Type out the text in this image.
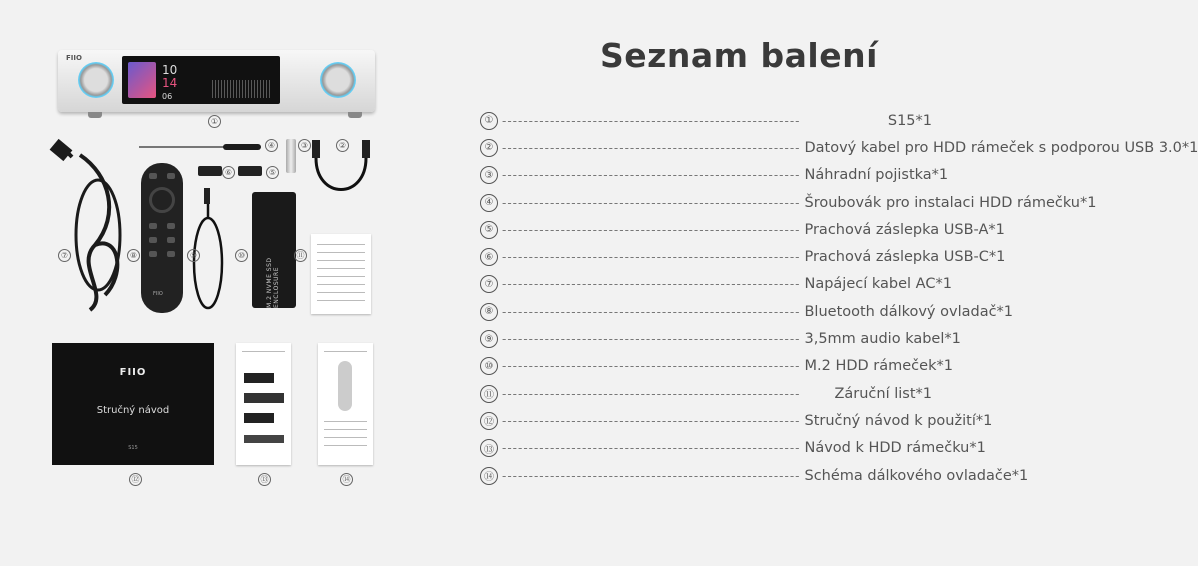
Seznam balení
① --------------------------------------------------------	S15*1
② -------------------------------------------------------- Datový kabel pro HDD rámeček s podporou USB 3.0*1
③ -------------------------------------------------------- Náhradní pojistka*1
④ -------------------------------------------------------- Šroubovák pro instalaci HDD rámečku*1
⑤ -------------------------------------------------------- Prachová záslepka USB-A*1
⑥ -------------------------------------------------------- Prachová záslepka USB-C*1
⑦ -------------------------------------------------------- Napájecí kabel AC*1
⑧ -------------------------------------------------------- Bluetooth dálkový ovladač*1
⑨ -------------------------------------------------------- 3,5mm audio kabel*1
⑩ -------------------------------------------------------- M.2 HDD rámeček*1
⑪ --------------------------------------------------------	Záruční list*1
⑫ -------------------------------------------------------- Stručný návod k použití*1
⑬ -------------------------------------------------------- Návod k HDD rámečku*1
⑭ -------------------------------------------------------- Schéma dálkového ovladače*1
FIIO
10
14
06
FIIO	M.2 NVME SSD ENCLOSURE
FIIO
Stručný návod
S15
①
②
③
④
⑤
⑥
⑦	⑧	⑨	⑩	⑪
⑫	⑬	⑭
